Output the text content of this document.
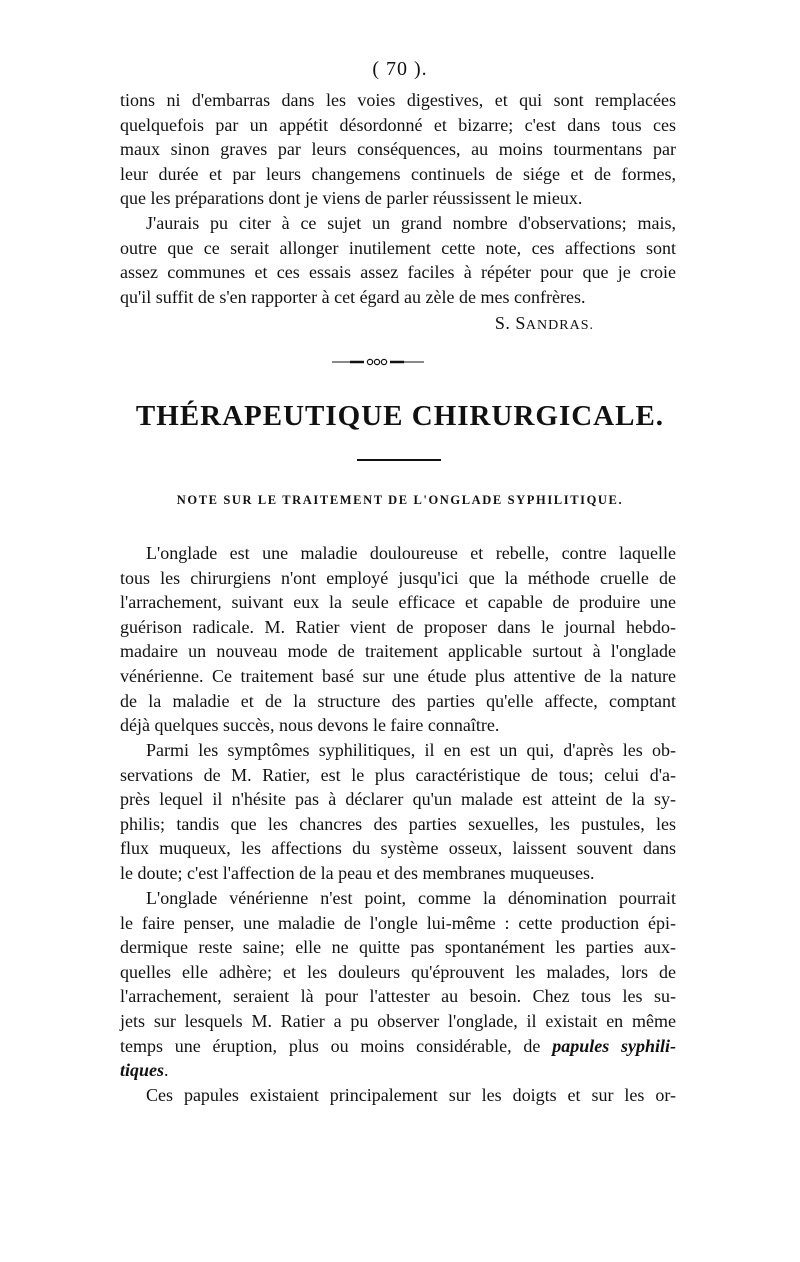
( 70 ).

tions ni d'embarras dans les voies digestives, et qui sont remplacées

quelquefois par un appétit désordonné et bizarre; c'est dans tous ces

maux sinon graves par leurs conséquences, au moins tourmentans par

leur durée et par leurs changemens continuels de siége et de formes,

que les préparations dont je viens de parler réussissent le mieux.

J'aurais pu citer à ce sujet un grand nombre d'observations; mais,

outre que ce serait allonger inutilement cette note, ces affections sont

assez communes et ces essais assez faciles à répéter pour que je croie

qu'il suffit de s'en rapporter à cet égard au zèle de mes confrères.

S. SANDRAS.
THÉRAPEUTIQUE CHIRURGICALE.
NOTE SUR LE TRAITEMENT DE L'ONGLADE SYPHILITIQUE.

L'onglade est une maladie douloureuse et rebelle, contre laquelle

tous les chirurgiens n'ont employé jusqu'ici que la méthode cruelle de

l'arrachement, suivant eux la seule efficace et capable de produire une

guérison radicale. M. Ratier vient de proposer dans le journal hebdo-

madaire un nouveau mode de traitement applicable surtout à l'onglade

vénérienne. Ce traitement basé sur une étude plus attentive de la nature

de la maladie et de la structure des parties qu'elle affecte, comptant

déjà quelques succès, nous devons le faire connaître.

Parmi les symptômes syphilitiques, il en est un qui, d'après les ob-

servations de M. Ratier, est le plus caractéristique de tous; celui d'a-

près lequel il n'hésite pas à déclarer qu'un malade est atteint de la sy-

philis; tandis que les chancres des parties sexuelles, les pustules, les

flux muqueux, les affections du système osseux, laissent souvent dans

le doute; c'est l'affection de la peau et des membranes muqueuses.

L'onglade vénérienne n'est point, comme la dénomination pourrait

le faire penser, une maladie de l'ongle lui-même : cette production épi-

dermique reste saine; elle ne quitte pas spontanément les parties aux-

quelles elle adhère; et les douleurs qu'éprouvent les malades, lors de

l'arrachement, seraient là pour l'attester au besoin. Chez tous les su-

jets sur lesquels M. Ratier a pu observer l'onglade, il existait en même

temps une éruption, plus ou moins considérable, de papules syphili-

tiques.

Ces papules existaient principalement sur les doigts et sur les or-
